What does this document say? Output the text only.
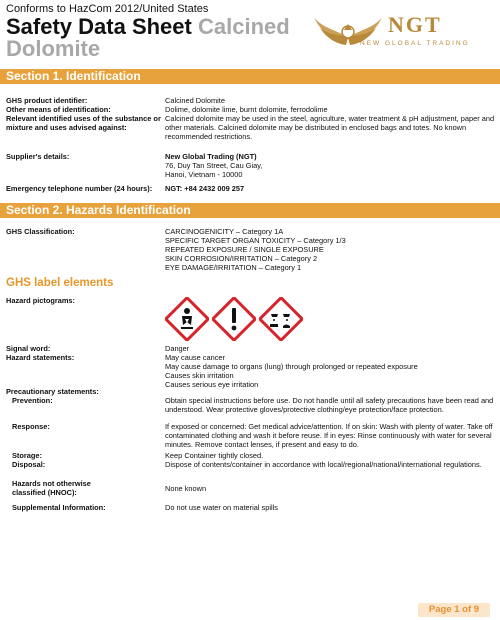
Conforms to HazCom 2012/United States
Safety Data Sheet Calcined
Dolomite
NGT
NEW GLOBAL TRADING
Section 1. Identification
GHS product identifier:	Calcined Dolomite
Other means of identification:	Dolime, dolomite lime, burnt dolomite, ferrodolime
Relevant identified uses of the substance or mixture and uses advised against:
Calcined dolomite may be used in the steel, agriculture, water treatment & pH adjustment, paper and other materials. Calcined dolomite may be distributed in enclosed bags and totes. No known recommended restrictions.
Supplier's details:	New Global Trading (NGT)
76, Duy Tan Street, Cau Giay,
Hanoi, Vietnam - 10000
Emergency telephone number (24 hours):	NGT: +84 2432 009 257
Section 2. Hazards Identification
GHS Classification:	CARCINOGENICITY – Category 1A
SPECIFIC TARGET ORGAN TOXICITY – Category 1/3
REPEATED EXPOSURE / SINGLE EXPOSURE
SKIN CORROSION/IRRITATION – Category 2
EYE DAMAGE/IRRITATION – Category 1
GHS label elements
Hazard pictograms:
Signal word:	Danger
Hazard statements:	May cause cancer
May cause damage to organs (lung) through prolonged or repeated exposure
Causes skin irritation
Causes serious eye irritation
Precautionary statements:
Prevention:	Obtain special instructions before use. Do not handle until all safety precautions have been read and understood. Wear protective gloves/protective clothing/eye protection/face protection.
Response:	If exposed or concerned: Get medical advice/attention. If on skin: Wash with plenty of water. Take off contaminated clothing and wash it before reuse. If in eyes: Rinse continuously with water for several minutes. Remove contact lenses, if present and easy to do.
Storage:	Keep Container tightly closed.
Disposal:	Dispose of contents/container in accordance with local/regional/national/international regulations.
Hazards not otherwise
classified (HNOC):	None known
Supplemental Information:	Do not use water on material spills
Page 1 of 9
